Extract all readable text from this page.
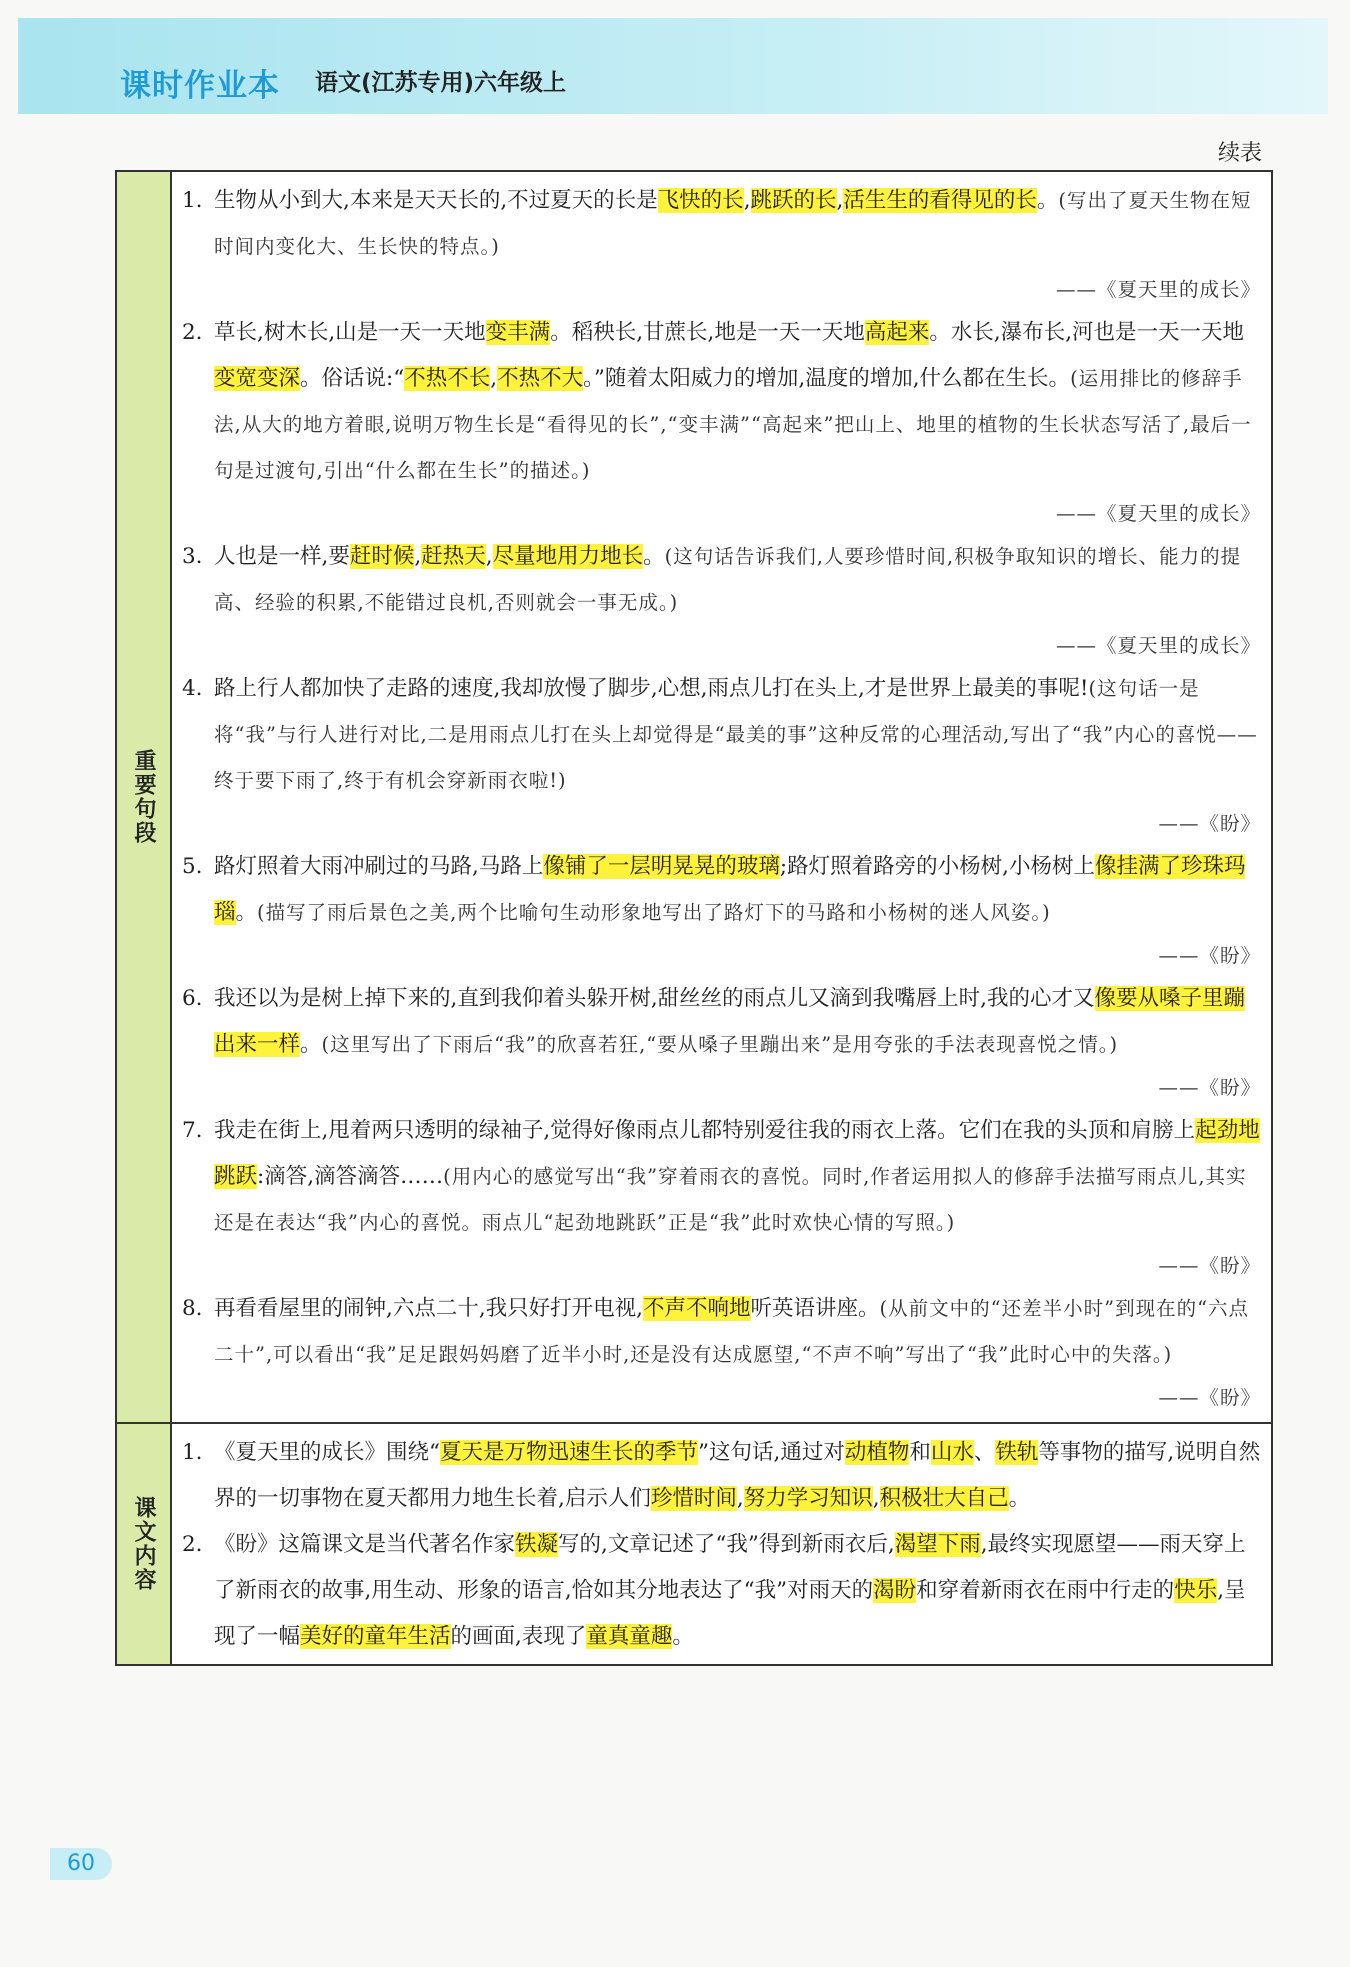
课时作业本 语文(江苏专用)六年级上
续表
重要句段
1. 生物从小到大,本来是天天长的,不过夏天的长是飞快的长,跳跃的长,活生生的看得见的长。(写出了夏天生物在短时间内变化大、生长快的特点。)
——《夏天里的成长》
2. 草长,树木长,山是一天一天地变丰满。稻秧长,甘蔗长,地是一天一天地高起来。水长,瀑布长,河也是一天一天地变宽变深。俗话说:“不热不长,不热不大。”随着太阳威力的增加,温度的增加,什么都在生长。(运用排比的修辞手法,从大的地方着眼,说明万物生长是“看得见的长”,“变丰满”“高起来”把山上、地里的植物的生长状态写活了,最后一句是过渡句,引出“什么都在生长”的描述。)
——《夏天里的成长》
3. 人也是一样,要赶时候,赶热天,尽量地用力地长。(这句话告诉我们,人要珍惜时间,积极争取知识的增长、能力的提高、经验的积累,不能错过良机,否则就会一事无成。)
——《夏天里的成长》
4. 路上行人都加快了走路的速度,我却放慢了脚步,心想,雨点儿打在头上,才是世界上最美的事呢!(这句话一是将“我”与行人进行对比,二是用雨点儿打在头上却觉得是“最美的事”这种反常的心理活动,写出了“我”内心的喜悦——终于要下雨了,终于有机会穿新雨衣啦!)
——《盼》
5. 路灯照着大雨冲刷过的马路,马路上像铺了一层明晃晃的玻璃;路灯照着路旁的小杨树,小杨树上像挂满了珍珠玛瑙。(描写了雨后景色之美,两个比喻句生动形象地写出了路灯下的马路和小杨树的迷人风姿。)
——《盼》
6. 我还以为是树上掉下来的,直到我仰着头躲开树,甜丝丝的雨点儿又滴到我嘴唇上时,我的心才又像要从嗓子里蹦出来一样。(这里写出了下雨后“我”的欣喜若狂,“要从嗓子里蹦出来”是用夸张的手法表现喜悦之情。)
——《盼》
7. 我走在街上,甩着两只透明的绿袖子,觉得好像雨点儿都特别爱往我的雨衣上落。它们在我的头顶和肩膀上起劲地跳跃:滴答,滴答滴答……(用内心的感觉写出“我”穿着雨衣的喜悦。同时,作者运用拟人的修辞手法描写雨点儿,其实还是在表达“我”内心的喜悦。雨点儿“起劲地跳跃”正是“我”此时欢快心情的写照。)
——《盼》
8. 再看看屋里的闹钟,六点二十,我只好打开电视,不声不响地听英语讲座。(从前文中的“还差半小时”到现在的“六点二十”,可以看出“我”足足跟妈妈磨了近半小时,还是没有达成愿望,“不声不响”写出了“我”此时心中的失落。)
——《盼》
课文内容
1. 《夏天里的成长》围绕“夏天是万物迅速生长的季节”这句话,通过对动植物和山水、铁轨等事物的描写,说明自然界的一切事物在夏天都用力地生长着,启示人们珍惜时间,努力学习知识,积极壮大自己。
2. 《盼》这篇课文是当代著名作家铁凝写的,文章记述了“我”得到新雨衣后,渴望下雨,最终实现愿望——雨天穿上了新雨衣的故事,用生动、形象的语言,恰如其分地表达了“我”对雨天的渴盼和穿着新雨衣在雨中行走的快乐,呈现了一幅美好的童年生活的画面,表现了童真童趣。
60
